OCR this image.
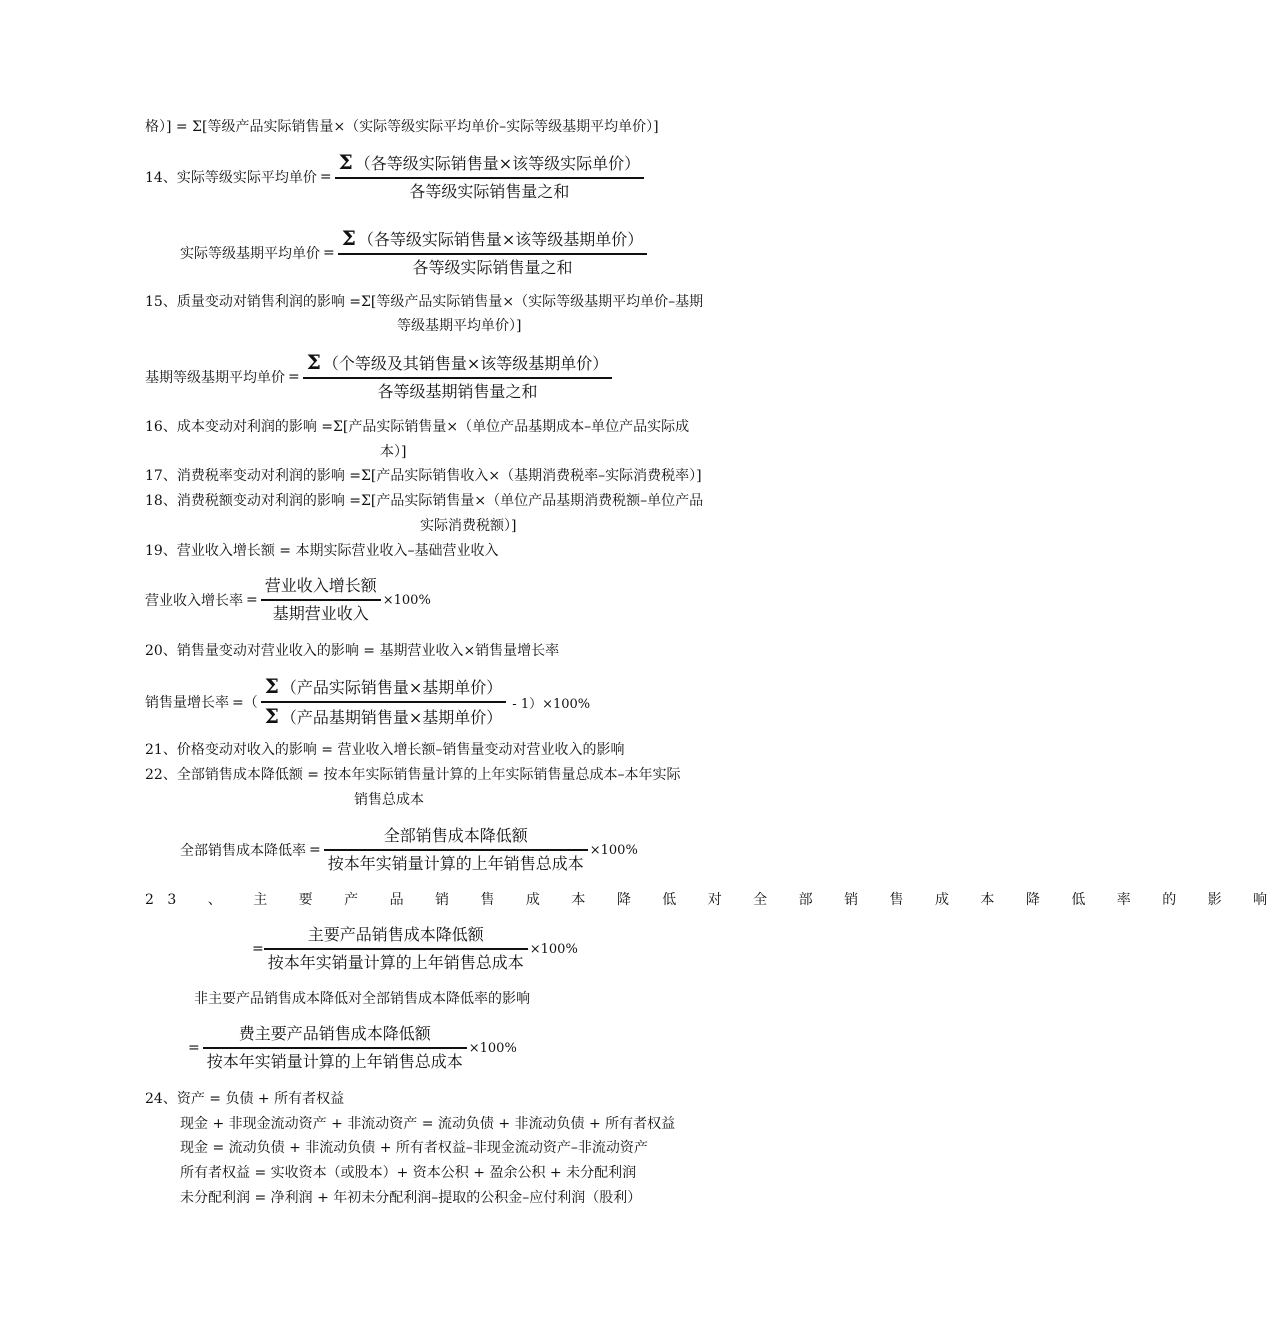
格）] = Σ[等级产品实际销售量×（实际等级实际平均单价–实际等级基期平均单价）]
14、实际等级实际平均单价 = $\frac{\text{Σ （各等级实际销售量×该等级实际单价）}}{\text{各等级实际销售量之和}}$
实际等级基期平均单价 = $\frac{\text{Σ （各等级实际销售量×该等级基期单价）}}{\text{各等级实际销售量之和}}$
15、质量变动对销售利润的影响 =Σ[等级产品实际销售量×（实际等级基期平均单价–基期
等级基期平均单价）]
基期等级基期平均单价 = $\frac{\text{Σ （个等级及其销售量×该等级基期单价）}}{\text{各等级基期销售量之和}}$
16、成本变动对利润的影响 =Σ[产品实际销售量×（单位产品基期成本–单位产品实际成
本）]
17、消费税率变动对利润的影响 =Σ[产品实际销售收入×（基期消费税率–实际消费税率）]
18、消费税额变动对利润的影响 =Σ[产品实际销售量×（单位产品基期消费税额–单位产品
实际消费税额）]
19、营业收入增长额 = 本期实际营业收入–基础营业收入
营业收入增长率 = $\frac{\text{营业收入增长额}}{\text{基期营业收入}} \times 100\%$
20、销售量变动对营业收入的影响 = 基期营业收入×销售量增长率
销售量增长率 =（ $\frac{\text{Σ （产品实际销售量×基期单价）}}{\text{Σ （产品基期销售量×基期单价）}} - 1)\times 100\%$
21、价格变动对收入的影响 = 营业收入增长额–销售量变动对营业收入的影响
22、全部销售成本降低额 = 按本年实际销售量计算的上年实际销售量总成本–本年实际
销售总成本
全部销售成本降低率 = $\frac{\text{全部销售成本降低额}}{\text{按本年实销量计算的上年销售总成本}} \times 100\%$
23 、 主 要 产 品 销 售 成 本 降 低 对 全 部 销 售 成 本 降 低 率 的 影 响
= $\frac{\text{主要产品销售成本降低额}}{\text{按本年实销量计算的上年销售总成本}} \times 100\%$
非主要产品销售成本降低对全部销售成本降低率的影响
= $\frac{\text{费主要产品销售成本降低额}}{\text{按本年实销量计算的上年销售总成本}} \times 100\%$
24、资产 = 负债 + 所有者权益
现金 + 非现金流动资产 + 非流动资产 = 流动负债 + 非流动负债 + 所有者权益
现金 = 流动负债 + 非流动负债 + 所有者权益–非现金流动资产–非流动资产
所有者权益 = 实收资本（或股本）+ 资本公积 + 盈余公积 + 未分配利润
未分配利润 = 净利润 + 年初未分配利润–提取的公积金–应付利润（股利）
